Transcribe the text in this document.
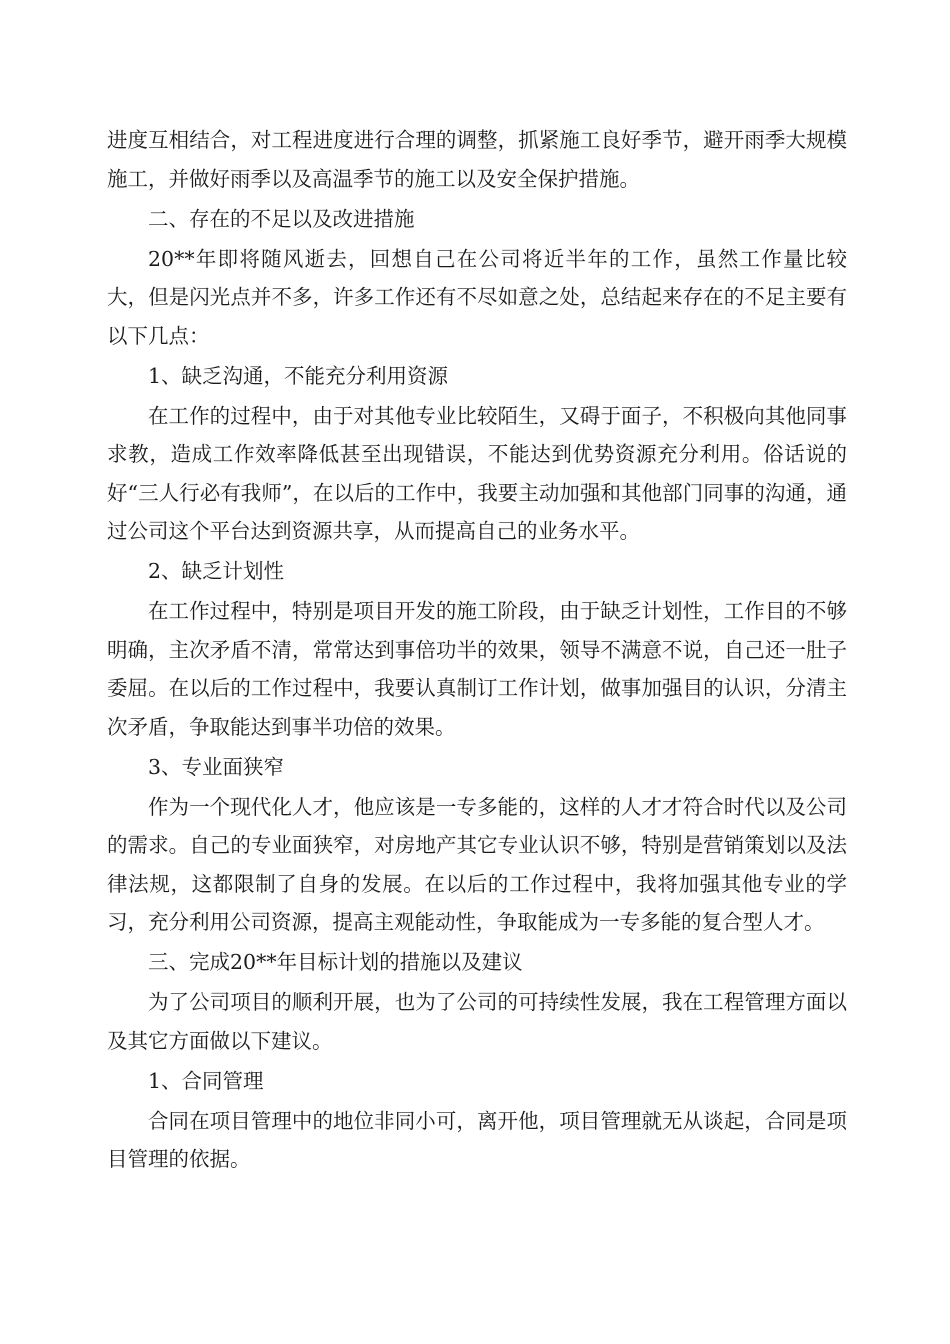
进度互相结合，对工程进度进行合理的调整，抓紧施工良好季节，避开雨季大规模施工，并做好雨季以及高温季节的施工以及安全保护措施。

二、存在的不足以及改进措施

20**年即将随风逝去，回想自己在公司将近半年的工作，虽然工作量比较大，但是闪光点并不多，许多工作还有不尽如意之处，总结起来存在的不足主要有以下几点：

1、缺乏沟通，不能充分利用资源

在工作的过程中，由于对其他专业比较陌生，又碍于面子，不积极向其他同事求教，造成工作效率降低甚至出现错误，不能达到优势资源充分利用。俗话说的好“三人行必有我师”，在以后的工作中，我要主动加强和其他部门同事的沟通，通过公司这个平台达到资源共享，从而提高自己的业务水平。

2、缺乏计划性

在工作过程中，特别是项目开发的施工阶段，由于缺乏计划性，工作目的不够明确，主次矛盾不清，常常达到事倍功半的效果，领导不满意不说，自己还一肚子委屈。在以后的工作过程中，我要认真制订工作计划，做事加强目的认识，分清主次矛盾，争取能达到事半功倍的效果。

3、专业面狭窄

作为一个现代化人才，他应该是一专多能的，这样的人才才符合时代以及公司的需求。自己的专业面狭窄，对房地产其它专业认识不够，特别是营销策划以及法律法规，这都限制了自身的发展。在以后的工作过程中，我将加强其他专业的学习，充分利用公司资源，提高主观能动性，争取能成为一专多能的复合型人才。

三、完成20**年目标计划的措施以及建议

为了公司项目的顺利开展，也为了公司的可持续性发展，我在工程管理方面以及其它方面做以下建议。

1、合同管理

合同在项目管理中的地位非同小可，离开他，项目管理就无从谈起，合同是项目管理的依据。
